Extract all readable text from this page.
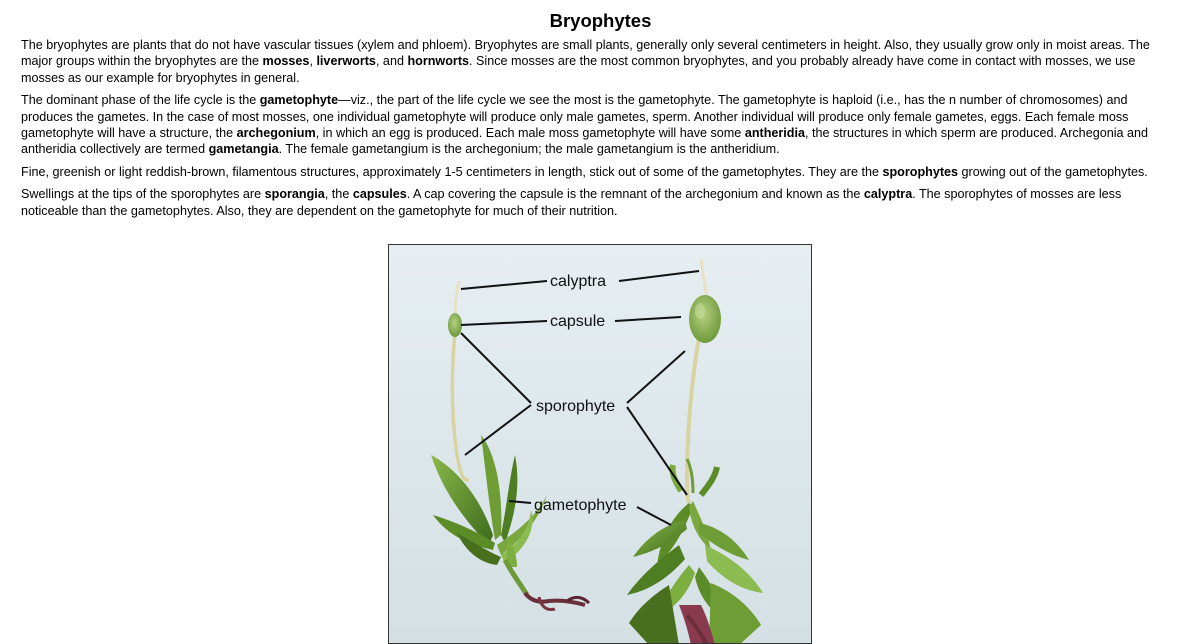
Bryophytes

The bryophytes are plants that do not have vascular tissues (xylem and phloem). Bryophytes are small plants, generally only several centimeters in height. Also, they usually grow only in moist areas. The major groups within the bryophytes are the mosses, liverworts, and hornworts. Since mosses are the most common bryophytes, and you probably already have come in contact with mosses, we use mosses as our example for bryophytes in general.

The dominant phase of the life cycle is the gametophyte—viz., the part of the life cycle we see the most is the gametophyte. The gametophyte is haploid (i.e., has the n number of chromosomes) and produces the gametes. In the case of most mosses, one individual gametophyte will produce only male gametes, sperm. Another individual will produce only female gametes, eggs. Each female moss gametophyte will have a structure, the archegonium, in which an egg is produced. Each male moss gametophyte will have some antheridia, the structures in which sperm are produced. Archegonia and antheridia collectively are termed gametangia. The female gametangium is the archegonium; the male gametangium is the antheridium.

Fine, greenish or light reddish-brown, filamentous structures, approximately 1-5 centimeters in length, stick out of some of the gametophytes. They are the sporophytes growing out of the gametophytes.

Swellings at the tips of the sporophytes are sporangia, the capsules. A cap covering the capsule is the remnant of the archegonium and known as the calyptra. The sporophytes of mosses are less noticeable than the gametophytes. Also, they are dependent on the gametophyte for much of their nutrition.

calyptra
capsule
sporophyte
gametophyte
